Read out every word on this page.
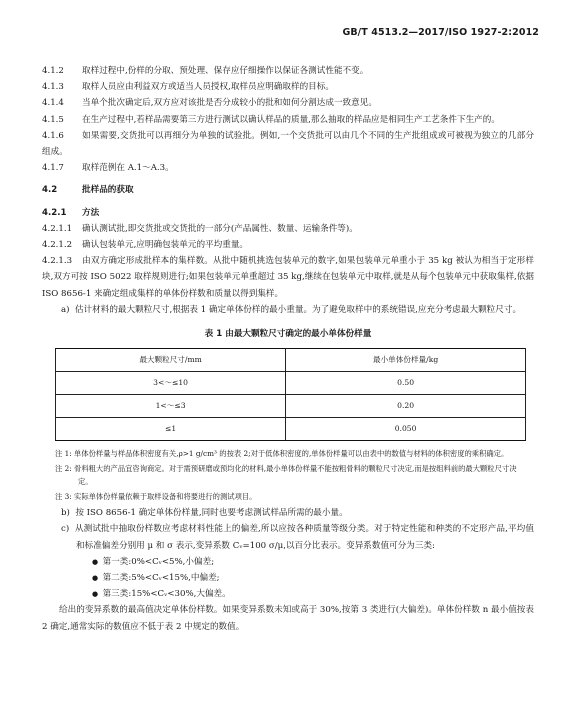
GB/T 4513.2—2017/ISO 1927-2:2012

4.1.2 取样过程中,份样的分取、预处理、保存应仔细操作以保证各测试性能不变。

4.1.3 取样人员应由利益双方或适当人员授权,取样员应明确取样的目标。

4.1.4 当单个批次确定后,双方应对该批是否分成较小的批和如何分割达成一致意见。

4.1.5 在生产过程中,若样品需要第三方进行测试以确认样品的质量,那么抽取的样品应是相同生产工艺条件下生产的。

4.1.6 如果需要,交货批可以再细分为单独的试验批。例如,一个交货批可以由几个不同的生产批组成或可被视为独立的几部分组成。

4.1.7 取样范例在 A.1～A.3。

4.2	批样品的获取

4.2.1 方法

4.2.1.1 确认测试批,即交货批或交货批的一部分(产品属性、数量、运输条件等)。

4.2.1.2 确认包装单元,应明确包装单元的平均重量。

4.2.1.3 由双方确定形成批样本的集样数。从批中随机挑选包装单元的数字,如果包装单元单重小于 35 kg 被认为相当于定形样块,双方可按 ISO 5022 取样规则进行;如果包装单元单重超过 35 kg,继续在包装单元中取样,就是从每个包装单元中获取集样,依据 ISO 8656-1 来确定组成集样的单体份样数和质量以得到集样。

a) 估计材料的最大颗粒尺寸,根据表 1 确定单体份样的最小重量。为了避免取样中的系统错误,应充分考虑最大颗粒尺寸。

表 1 由最大颗粒尺寸确定的最小单体份样量
最大颗粒尺寸/mm	最小单体份样量/kg
3<～≤10	0.50
1<～≤3	0.20
≤1	0.050

注 1: 单体份样量与样品体积密度有关,ρ>1 g/cm³ 的按表 2;对于低体积密度的,单体份样量可以由表中的数值与材料的体积密度的乘积确定。

注 2: 骨料粗大的产品宜咨询商定。对于需预研磨或预均化的材料,最小单体份样量不能按粗骨料的颗粒尺寸决定,而是按组料前的最大颗粒尺寸决定。

注 3: 实际单体份样量依赖于取样设备和将要进行的测试项目。

b) 按 ISO 8656-1 确定单体份样量,同时也要考虑测试样品所需的最小量。

c) 从测试批中抽取份样数应考虑材料性能上的偏差,所以应按各种质量等级分类。对于特定性能和种类的不定形产品,平均值和标准偏差分别用 μ 和 σ 表示,变异系数 Cᵥ=100 σ/μ,以百分比表示。变异系数值可分为三类:

●  第一类:0%<Cᵥ<5%,小偏差;

●  第二类:5%<Cᵥ<15%,中偏差;

●  第三类:15%<Cᵥ<30%,大偏差。

给出的变异系数的最高值决定单体份样数。如果变异系数未知或高于 30%,按第 3 类进行(大偏差)。单体份样数 n 最小值按表 2 确定,通常实际的数值应不低于表 2 中规定的数值。
